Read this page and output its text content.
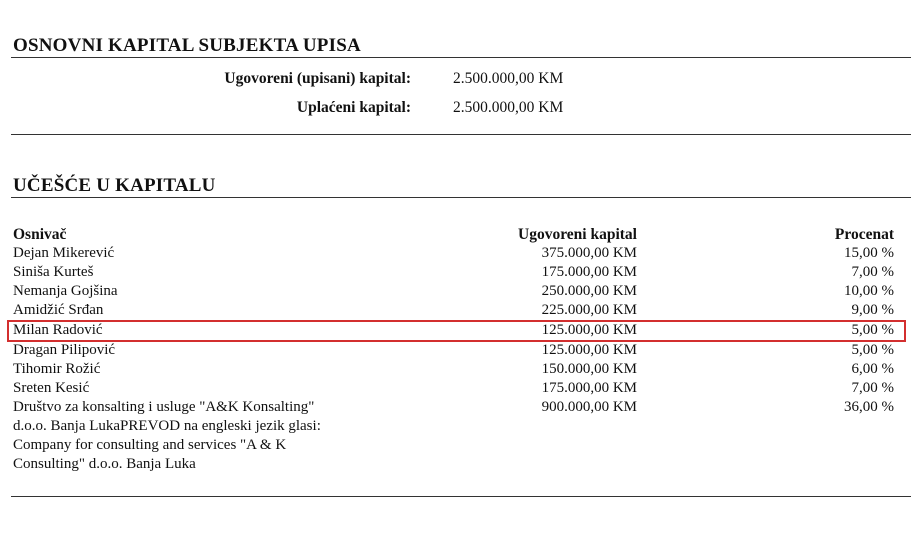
OSNOVNI KAPITAL SUBJEKTA UPISA
Ugovoreni (upisani) kapital:	2.500.000,00 KM
Uplaćeni kapital:	2.500.000,00 KM
UČEŠĆE U KAPITALU
Osnivač	Ugovoreni kapital	Procenat
Dejan Mikerević	375.000,00 KM	15,00 %
Siniša Kurteš	175.000,00 KM	7,00 %
Nemanja Gojšina	250.000,00 KM	10,00 %
Amidžić Srđan	225.000,00 KM	9,00 %
Milan Radović	125.000,00 KM	5,00 %
Dragan Pilipović	125.000,00 KM	5,00 %
Tihomir Rožić	150.000,00 KM	6,00 %
Sreten Kesić	175.000,00 KM	7,00 %
Društvo za konsalting i usluge "A&K Konsalting"	900.000,00 KM	36,00 %
d.o.o. Banja LukaPREVOD na engleski jezik glasi:
Company for consulting and services "A & K
Consulting" d.o.o. Banja Luka
